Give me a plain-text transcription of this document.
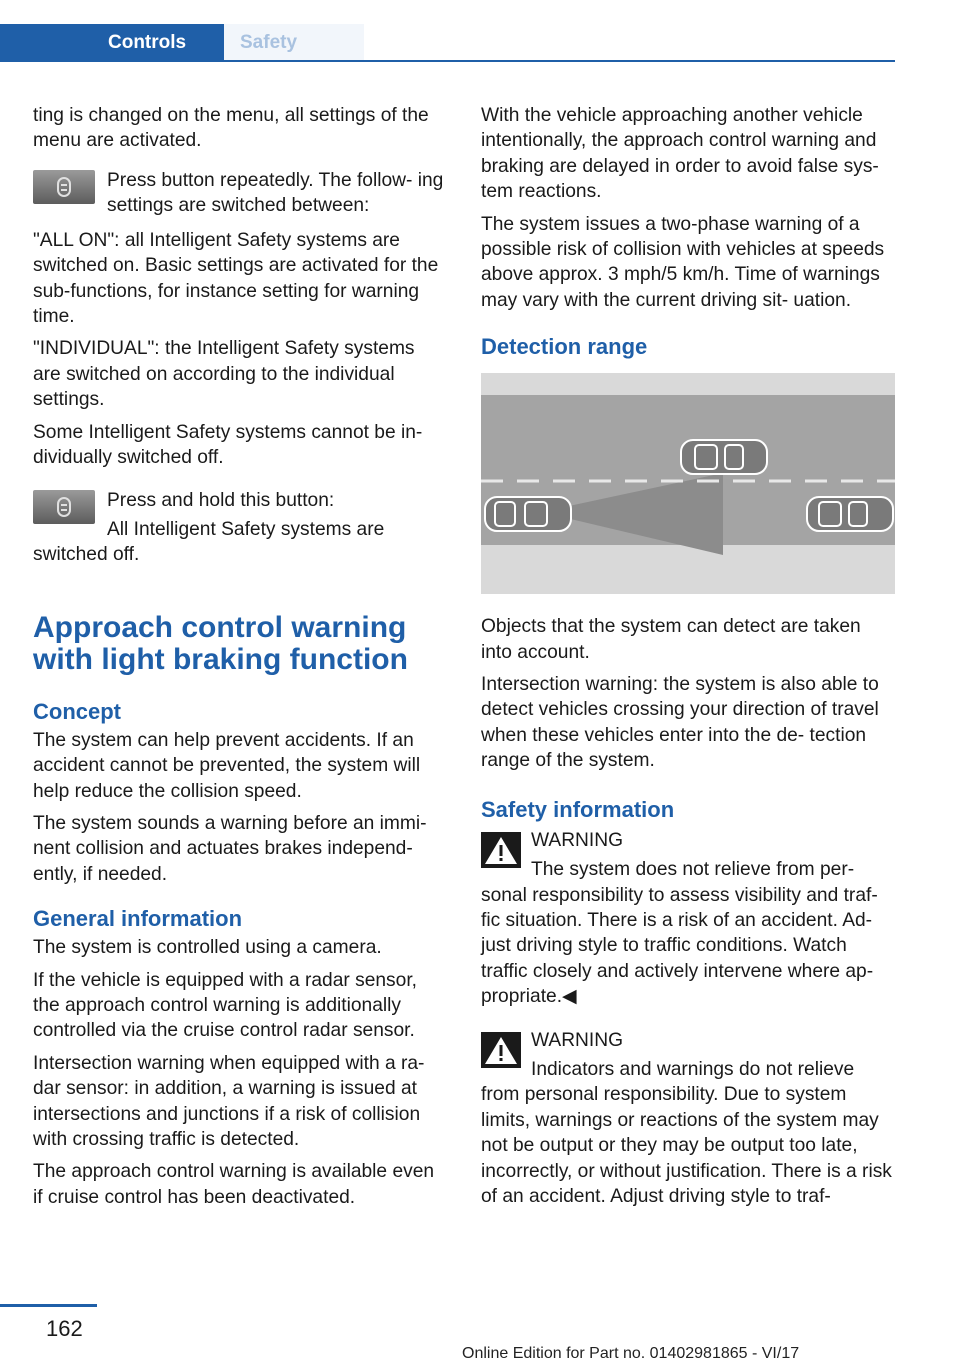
Controls	Safety

ting is changed on the menu, all settings of the menu are activated.

Press button repeatedly. The follow‐ ing settings are switched between:

"ALL ON": all Intelligent Safety systems are switched on. Basic settings are activated for the sub-functions, for instance setting for warning time.

"INDIVIDUAL": the Intelligent Safety systems are switched on according to the individual settings.

Some Intelligent Safety systems cannot be in‐ dividually switched off.

Press and hold this button:

All Intelligent Safety systems are switched off.

Approach control warning with light braking function
Concept

The system can help prevent accidents. If an accident cannot be prevented, the system will help reduce the collision speed.

The system sounds a warning before an immi‐ nent collision and actuates brakes independ‐ ently, if needed.

General information

The system is controlled using a camera.

If the vehicle is equipped with a radar sensor, the approach control warning is additionally controlled via the cruise control radar sensor.

Intersection warning when equipped with a ra‐ dar sensor: in addition, a warning is issued at intersections and junctions if a risk of collision with crossing traffic is detected.

The approach control warning is available even if cruise control has been deactivated.

With the vehicle approaching another vehicle intentionally, the approach control warning and braking are delayed in order to avoid false sys‐ tem reactions.

The system issues a two-phase warning of a possible risk of collision with vehicles at speeds above approx. 3 mph/5 km/h. Time of warnings may vary with the current driving sit‐ uation.

Detection range

Objects that the system can detect are taken into account.

Intersection warning: the system is also able to detect vehicles crossing your direction of travel when these vehicles enter into the de‐ tection range of the system.

Safety information

WARNING

The system does not relieve from per‐ sonal responsibility to assess visibility and traf‐ fic situation. There is a risk of an accident. Ad‐ just driving style to traffic conditions. Watch traffic closely and actively intervene where ap‐ propriate.◀

WARNING

Indicators and warnings do not relieve from personal responsibility. Due to system limits, warnings or reactions of the system may not be output or they may be output too late, incorrectly, or without justification. There is a risk of an accident. Adjust driving style to traf‐

162
Online Edition for Part no. 01402981865 - VI/17
